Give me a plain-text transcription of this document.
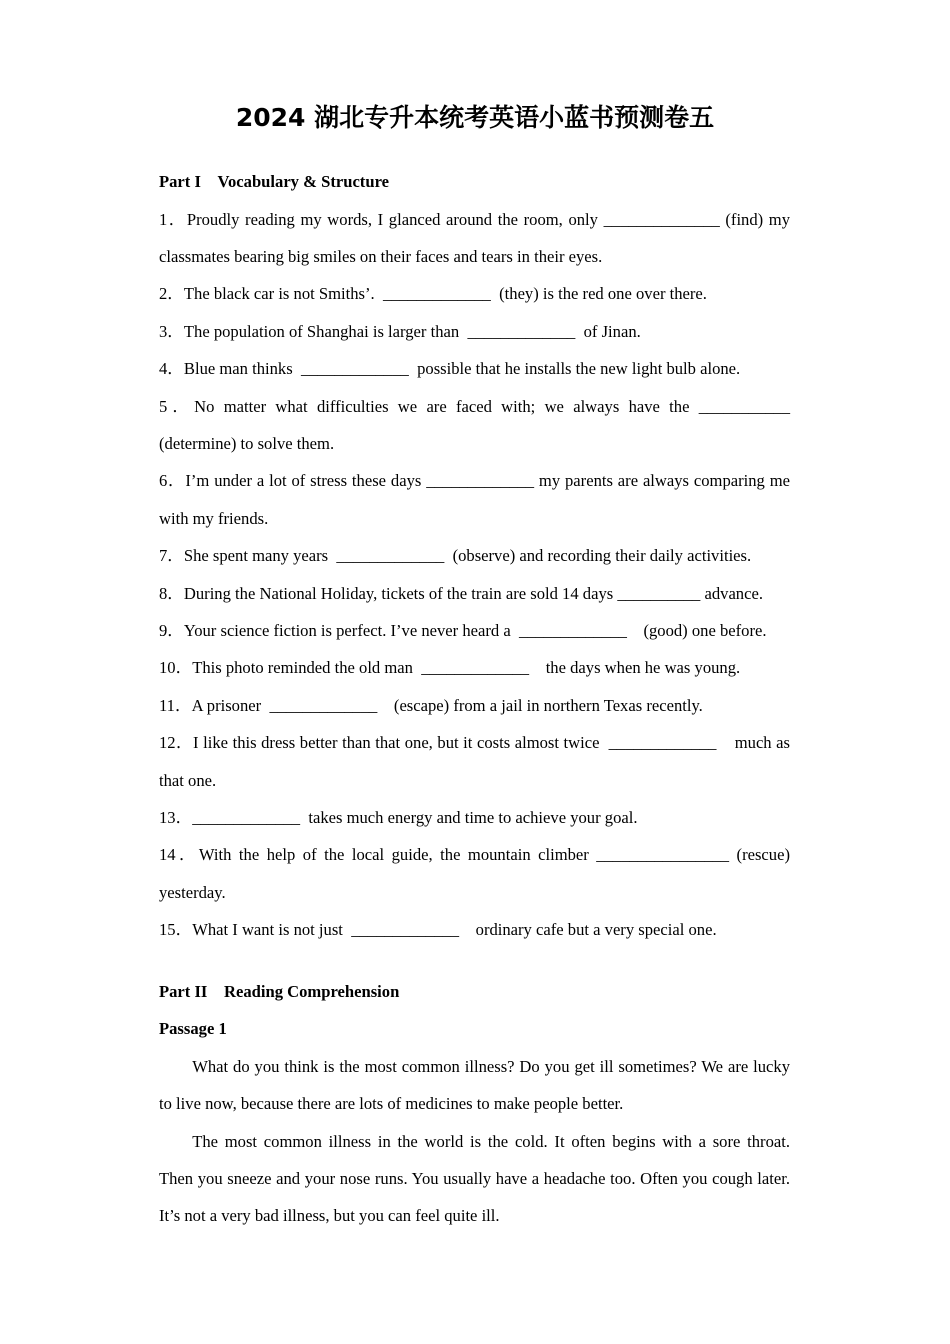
2024 湖北专升本统考英语小蓝书预测卷五
Part I Vocabulary & Structure
1．Proudly reading my words, I glanced around the room, only ______________ (find) my
classmates bearing big smiles on their faces and tears in their eyes.
2．The black car is not Smiths’.  _____________  (they) is the red one over there.
3．The population of Shanghai is larger than  _____________  of Jinan.
4．Blue man thinks  _____________  possible that he installs the new light bulb alone.
5．No matter what difficulties we are faced with; we always have the ___________
(determine) to solve them.
6．I’m under a lot of stress these days _____________ my parents are always comparing me
with my friends.
7．She spent many years  _____________  (observe) and recording their daily activities.
8．During the National Holiday, tickets of the train are sold 14 days __________ advance.
9．Your science fiction is perfect. I’ve never heard a  _____________    (good) one before.
10．This photo reminded the old man  _____________    the days when he was young.
11．A prisoner  _____________    (escape) from a jail in northern Texas recently.
12．I like this dress better than that one, but it costs almost twice  _____________    much as
that one.
13．_____________  takes much energy and time to achieve your goal.
14．With the help of the local guide, the mountain climber ________________ (rescue)
yesterday.
15．What I want is not just  _____________    ordinary cafe but a very special one.
Part II Reading Comprehension
Passage 1
What do you think is the most common illness? Do you get ill sometimes? We are lucky
to live now, because there are lots of medicines to make people better.
The most common illness in the world is the cold. It often begins with a sore throat.
Then you sneeze and your nose runs. You usually have a headache too. Often you cough later.
It’s not a very bad illness, but you can feel quite ill.
